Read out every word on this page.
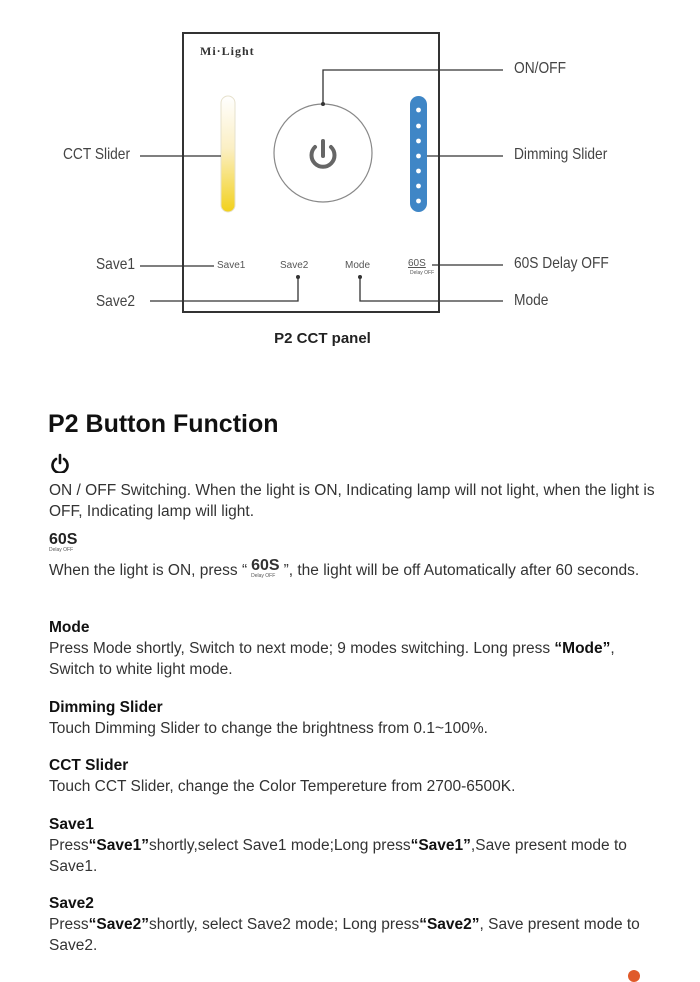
Mi·Light
Save1	Save2	Mode	60S
Delay OFF
ON/OFF
CCT Slider	Dimming Slider
Save1	60S Delay OFF
Save2	Mode
P2 CCT panel
P2 Button Function
ON / OFF Switching. When the light is ON, Indicating lamp will not light, when the light is OFF, Indicating lamp will light.
60S
Delay OFF
When the light is ON, press “ 60S
Delay OFF ”, the light will be off Automatically after 60 seconds.
Mode
Press Mode shortly, Switch to next mode; 9 modes switching. Long press “Mode”, Switch to white light mode.
Dimming Slider
Touch Dimming Slider to change the brightness from 0.1~100%.
CCT Slider
Touch CCT Slider, change the Color Tempereture from 2700-6500K.
Save1
Press“Save1”shortly,select Save1 mode;Long press“Save1”,Save present mode to Save1.
Save2
Press“Save2”shortly, select Save2 mode; Long press“Save2”, Save present mode to Save2.
